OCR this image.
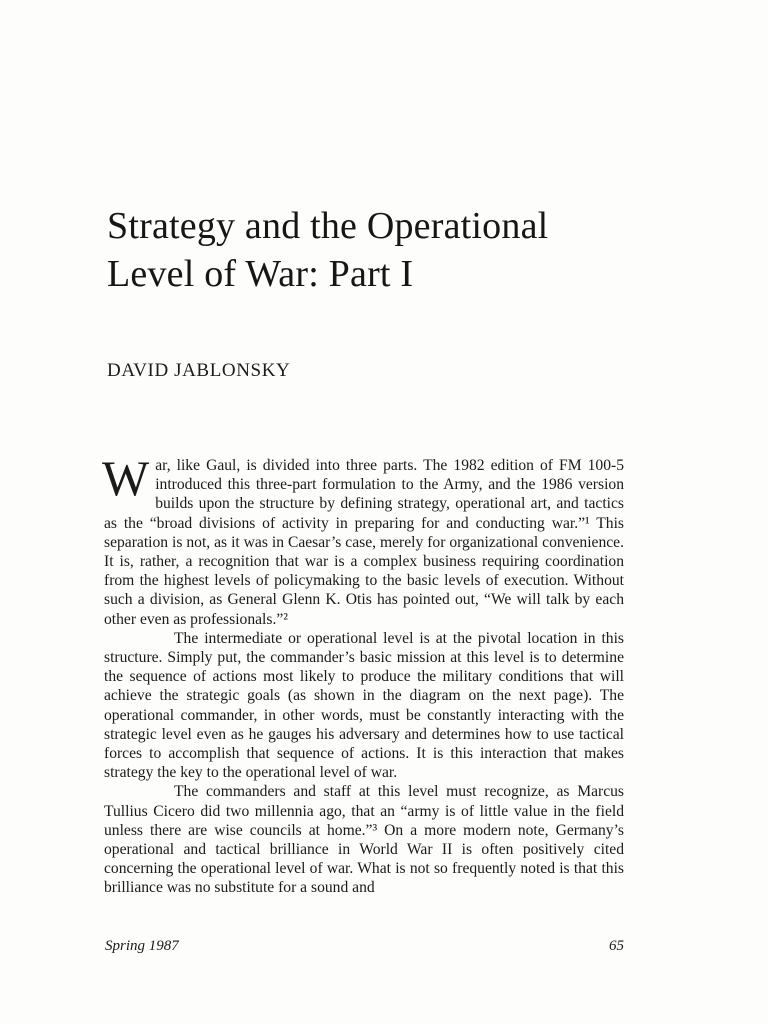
Strategy and the Operational
Level of War: Part I
DAVID JABLONSKY

War, like Gaul, is divided into three parts. The 1982 edition of FM 100-5 introduced this three-part formulation to the Army, and the 1986 version builds upon the structure by defining strategy, operational art, and tactics as the “broad divisions of activity in preparing for and conducting war.”¹ This separation is not, as it was in Caesar’s case, merely for organizational convenience. It is, rather, a recognition that war is a complex business requiring coordination from the highest levels of policymaking to the basic levels of execution. Without such a division, as General Glenn K. Otis has pointed out, “We will talk by each other even as professionals.”²

The intermediate or operational level is at the pivotal location in this structure. Simply put, the commander’s basic mission at this level is to determine the sequence of actions most likely to produce the military conditions that will achieve the strategic goals (as shown in the diagram on the next page). The operational commander, in other words, must be constantly interacting with the strategic level even as he gauges his adversary and determines how to use tactical forces to accomplish that sequence of actions. It is this interaction that makes strategy the key to the operational level of war.

The commanders and staff at this level must recognize, as Marcus Tullius Cicero did two millennia ago, that an “army is of little value in the field unless there are wise councils at home.”³ On a more modern note, Germany’s operational and tactical brilliance in World War II is often positively cited concerning the operational level of war. What is not so frequently noted is that this brilliance was no substitute for a sound and

Spring 1987	65
